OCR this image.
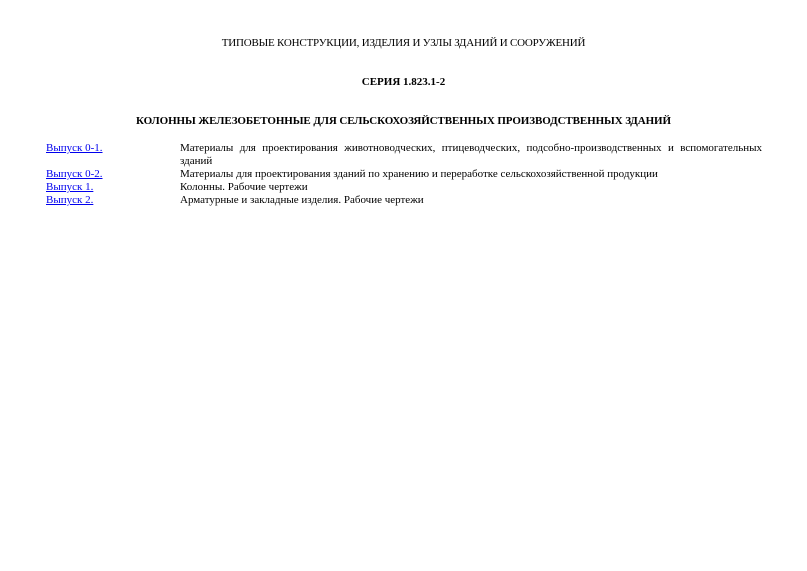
ТИПОВЫЕ КОНСТРУКЦИИ, ИЗДЕЛИЯ И УЗЛЫ ЗДАНИЙ И СООРУЖЕНИЙ
СЕРИЯ 1.823.1-2
КОЛОННЫ ЖЕЛЕЗОБЕТОННЫЕ ДЛЯ СЕЛЬСКОХОЗЯЙСТВЕННЫХ ПРОИЗВОДСТВЕННЫХ ЗДАНИЙ
Выпуск 0-1.	Материалы для проектирования животноводческих, птицеводческих, подсобно-производственных и вспомогательных зданий
Выпуск 0-2.	Материалы для проектирования зданий по хранению и переработке сельскохозяйственной продукции
Выпуск 1.	Колонны. Рабочие чертежи
Выпуск 2.	Арматурные и закладные изделия. Рабочие чертежи
